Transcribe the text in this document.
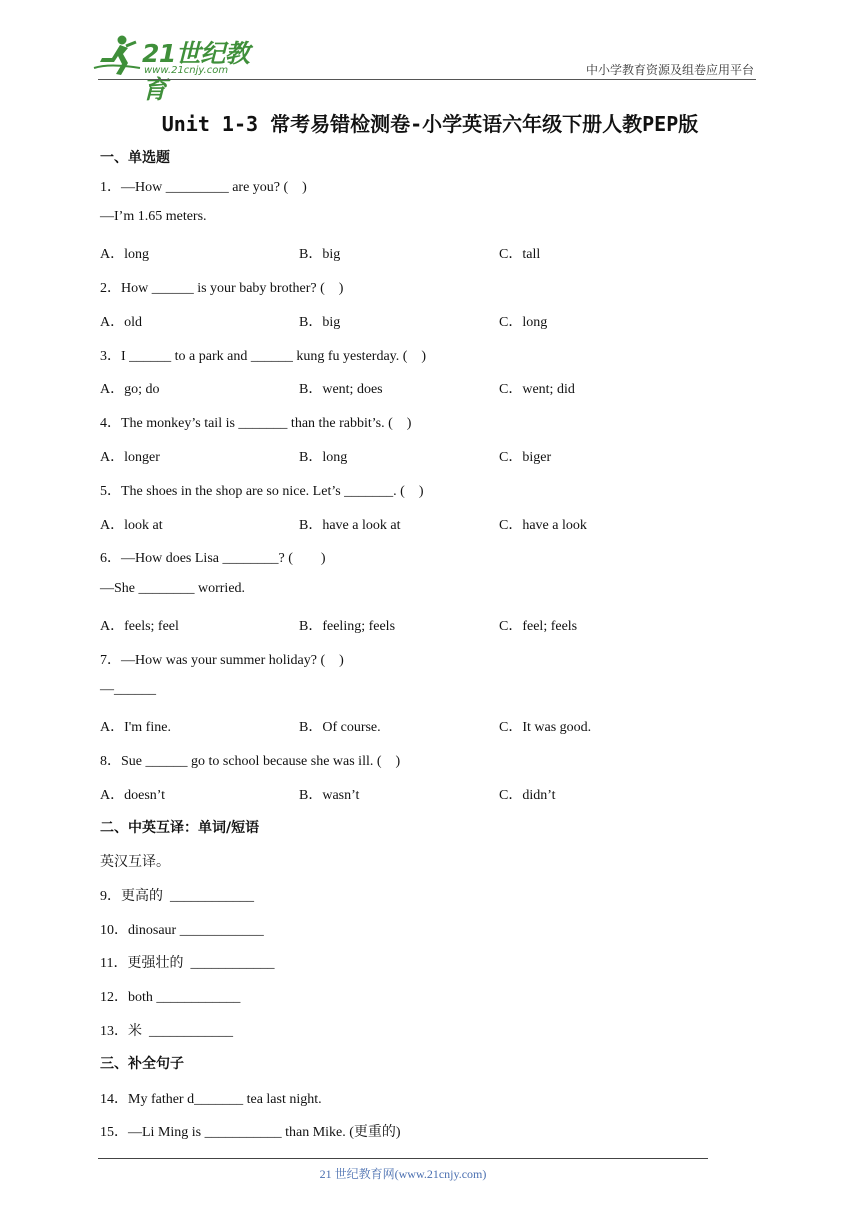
21世纪教育
www.21cnjy.com	中小学教育资源及组卷应用平台
Unit 1-3 常考易错检测卷-小学英语六年级下册人教PEP版
一、单选题
1．—How _________ are you? (    )
—I’m 1.65 meters.
A．long	B．big	C．tall
2．How ______ is your baby brother? (    )
A．old	B．big	C．long
3．I ______ to a park and ______ kung fu yesterday. (    )
A．go; do	B．went; does	C．went; did
4．The monkey’s tail is _______ than the rabbit’s. (    )
A．longer	B．long	C．biger
5．The shoes in the shop are so nice. Let’s _______. (    )
A．look at	B．have a look at	C．have a look
6．—How does Lisa ________? (        )
—She ________ worried.
A．feels; feel	B．feeling; feels	C．feel; feels
7．—How was your summer holiday? (    )
—______
A．I'm fine.	B．Of course.	C．It was good.
8．Sue ______ go to school because she was ill. (    )
A．doesn’t	B．wasn’t	C．didn’t
二、中英互译：单词/短语
英汉互译。
9．更高的  ____________
10．dinosaur ____________
11．更强壮的  ____________
12．both ____________
13．米  ____________
三、补全句子
14．My father d_______ tea last night.
15．—Li Ming is ___________ than Mike. (更重的)
21 世纪教育网(www.21cnjy.com)
